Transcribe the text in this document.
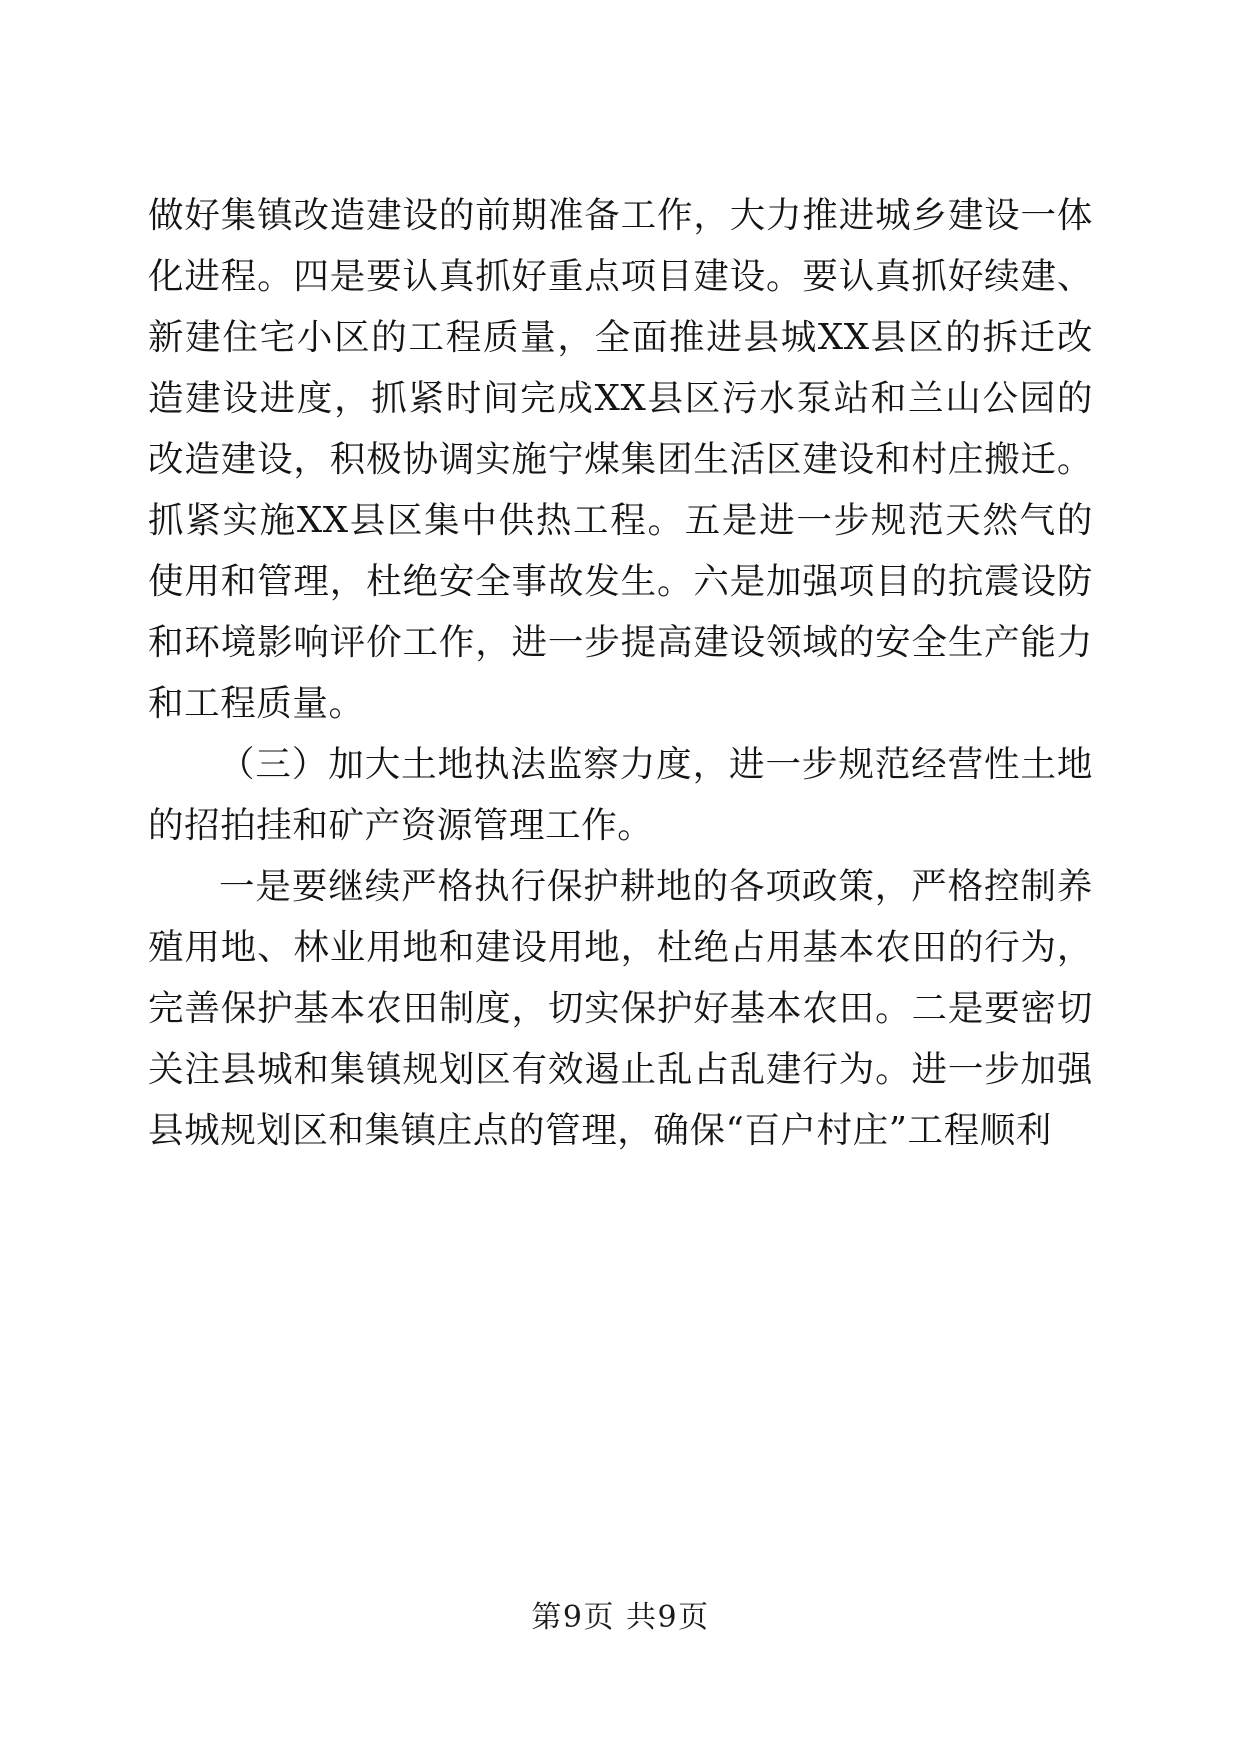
做好集镇改造建设的前期准备工作，大力推进城乡建设一体化进程。四是要认真抓好重点项目建设。要认真抓好续建、新建住宅小区的工程质量，全面推进县城XX县区的拆迁改造建设进度，抓紧时间完成XX县区污水泵站和兰山公园的改造建设，积极协调实施宁煤集团生活区建设和村庄搬迁。抓紧实施XX县区集中供热工程。五是进一步规范天然气的使用和管理，杜绝安全事故发生。六是加强项目的抗震设防和环境影响评价工作，进一步提高建设领域的安全生产能力和工程质量。

（三）加大土地执法监察力度，进一步规范经营性土地的招拍挂和矿产资源管理工作。

一是要继续严格执行保护耕地的各项政策，严格控制养殖用地、林业用地和建设用地，杜绝占用基本农田的行为，完善保护基本农田制度，切实保护好基本农田。二是要密切关注县城和集镇规划区有效遏止乱占乱建行为。进一步加强县城规划区和集镇庄点的管理，确保“百户村庄”工程顺利

第9页 共9页
